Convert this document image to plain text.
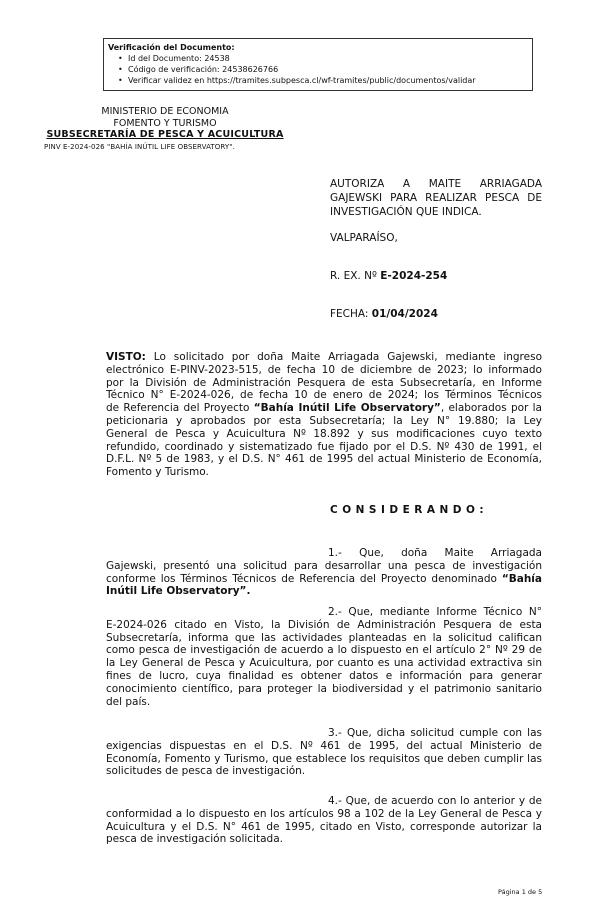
Verificación del Documento:
• Id del Documento: 24538
• Código de verificación: 24538626766
• Verificar validez en https://tramites.subpesca.cl/wf-tramites/public/documentos/validar
MINISTERIO DE ECONOMIA
FOMENTO Y TURISMO
SUBSECRETARÍA DE PESCA Y ACUICULTURA
PINV E-2024-026 "BAHÍA INÚTIL LIFE OBSERVATORY".
AUTORIZA A MAITE ARRIAGADA GAJEWSKI PARA REALIZAR PESCA DE INVESTIGACIÓN QUE INDICA.
VALPARAÍSO,
R. EX. Nº E-2024-254
FECHA: 01/04/2024
VISTO: Lo solicitado por doña Maite Arriagada Gajewski, mediante ingreso
electrónico E-PINV-2023-515, de fecha 10 de diciembre de 2023; lo informado
por la División de Administración Pesquera de esta Subsecretaría, en Informe
Técnico N° E-2024-026, de fecha 10 de enero de 2024; los Términos Técnicos
de Referencia del Proyecto “Bahía Inútil Life Observatory”, elaborados por la
peticionaria y aprobados por esta Subsecretaría; la Ley N° 19.880; la Ley
General de Pesca y Acuicultura Nº 18.892 y sus modificaciones cuyo texto
refundido, coordinado y sistematizado fue fijado por el D.S. Nº 430 de 1991, el
D.F.L. Nº 5 de 1983, y el D.S. N° 461 de 1995 del actual Ministerio de Economía,
Fomento y Turismo.
CONSIDERANDO:
1.- Que, doña Maite Arriagada
Gajewski, presentó una solicitud para desarrollar una pesca de investigación
conforme los Términos Técnicos de Referencia del Proyecto denominado “Bahía
Inútil Life Observatory”.
2.- Que, mediante Informe Técnico N°
E-2024-026 citado en Visto, la División de Administración Pesquera de esta
Subsecretaría, informa que las actividades planteadas en la solicitud califican
como pesca de investigación de acuerdo a lo dispuesto en el artículo 2° Nº 29 de
la Ley General de Pesca y Acuicultura, por cuanto es una actividad extractiva sin
fines de lucro, cuya finalidad es obtener datos e información para generar
conocimiento científico, para proteger la biodiversidad y el patrimonio sanitario
del país.
3.- Que, dicha solicitud cumple con las
exigencias dispuestas en el D.S. Nº 461 de 1995, del actual Ministerio de
Economía, Fomento y Turismo, que establece los requisitos que deben cumplir las
solicitudes de pesca de investigación.
4.- Que, de acuerdo con lo anterior y de
conformidad a lo dispuesto en los artículos 98 a 102 de la Ley General de Pesca y
Acuicultura y el D.S. N° 461 de 1995, citado en Visto, corresponde autorizar la
pesca de investigación solicitada.
Página 1 de 5
